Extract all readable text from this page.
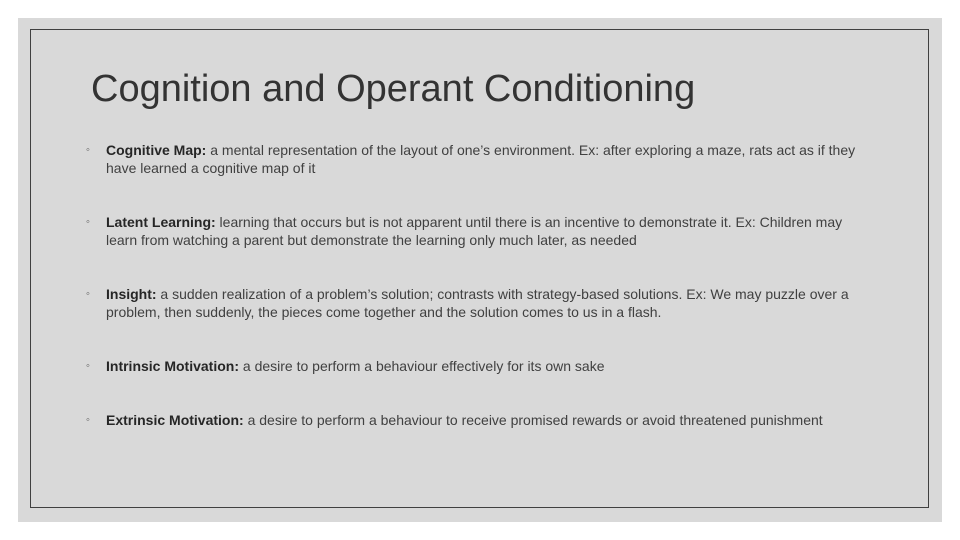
Cognition and Operant Conditioning
◦ Cognitive Map: a mental representation of the layout of one’s environment. Ex: after exploring a maze, rats act as if they have learned a cognitive map of it
◦ Latent Learning: learning that occurs but is not apparent until there is an incentive to demonstrate it. Ex: Children may learn from watching a parent but demonstrate the learning only much later, as needed
◦ Insight: a sudden realization of a problem’s solution; contrasts with strategy-based solutions. Ex: We may puzzle over a problem, then suddenly, the pieces come together and the solution comes to us in a flash.
◦ Intrinsic Motivation: a desire to perform a behaviour effectively for its own sake
◦ Extrinsic Motivation: a desire to perform a behaviour to receive promised rewards or avoid threatened punishment
